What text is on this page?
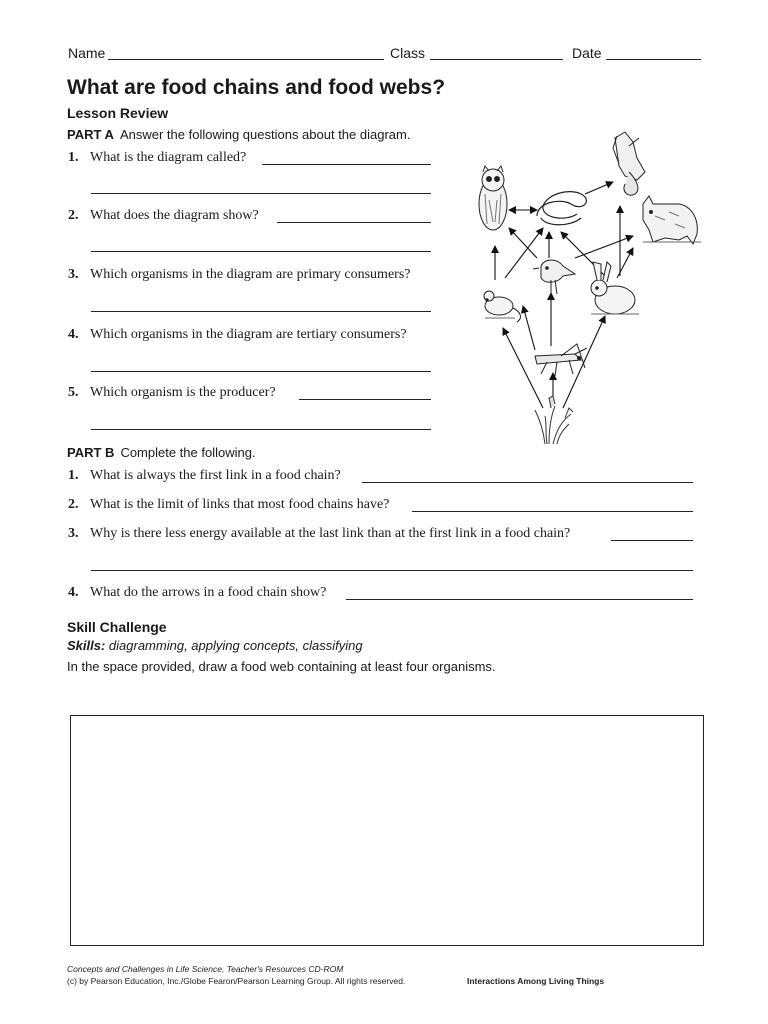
Name	Class	Date
What are food chains and food webs?
Lesson Review
PART A Answer the following questions about the diagram.
1. What is the diagram called?
2. What does the diagram show?
3. Which organisms in the diagram are primary consumers?
4. Which organisms in the diagram are tertiary consumers?
5. Which organism is the producer?
PART B Complete the following.
1. What is always the first link in a food chain?
2. What is the limit of links that most food chains have?
3. Why is there less energy available at the last link than at the first link in a food chain?
4. What do the arrows in a food chain show?
Skill Challenge
Skills: diagramming, applying concepts, classifying
In the space provided, draw a food web containing at least four organisms.
Concepts and Challenges in Life Science, Teacher's Resources CD-ROM
(c) by Pearson Education, Inc./Globe Fearon/Pearson Learning Group. All rights reserved.	Interactions Among Living Things
